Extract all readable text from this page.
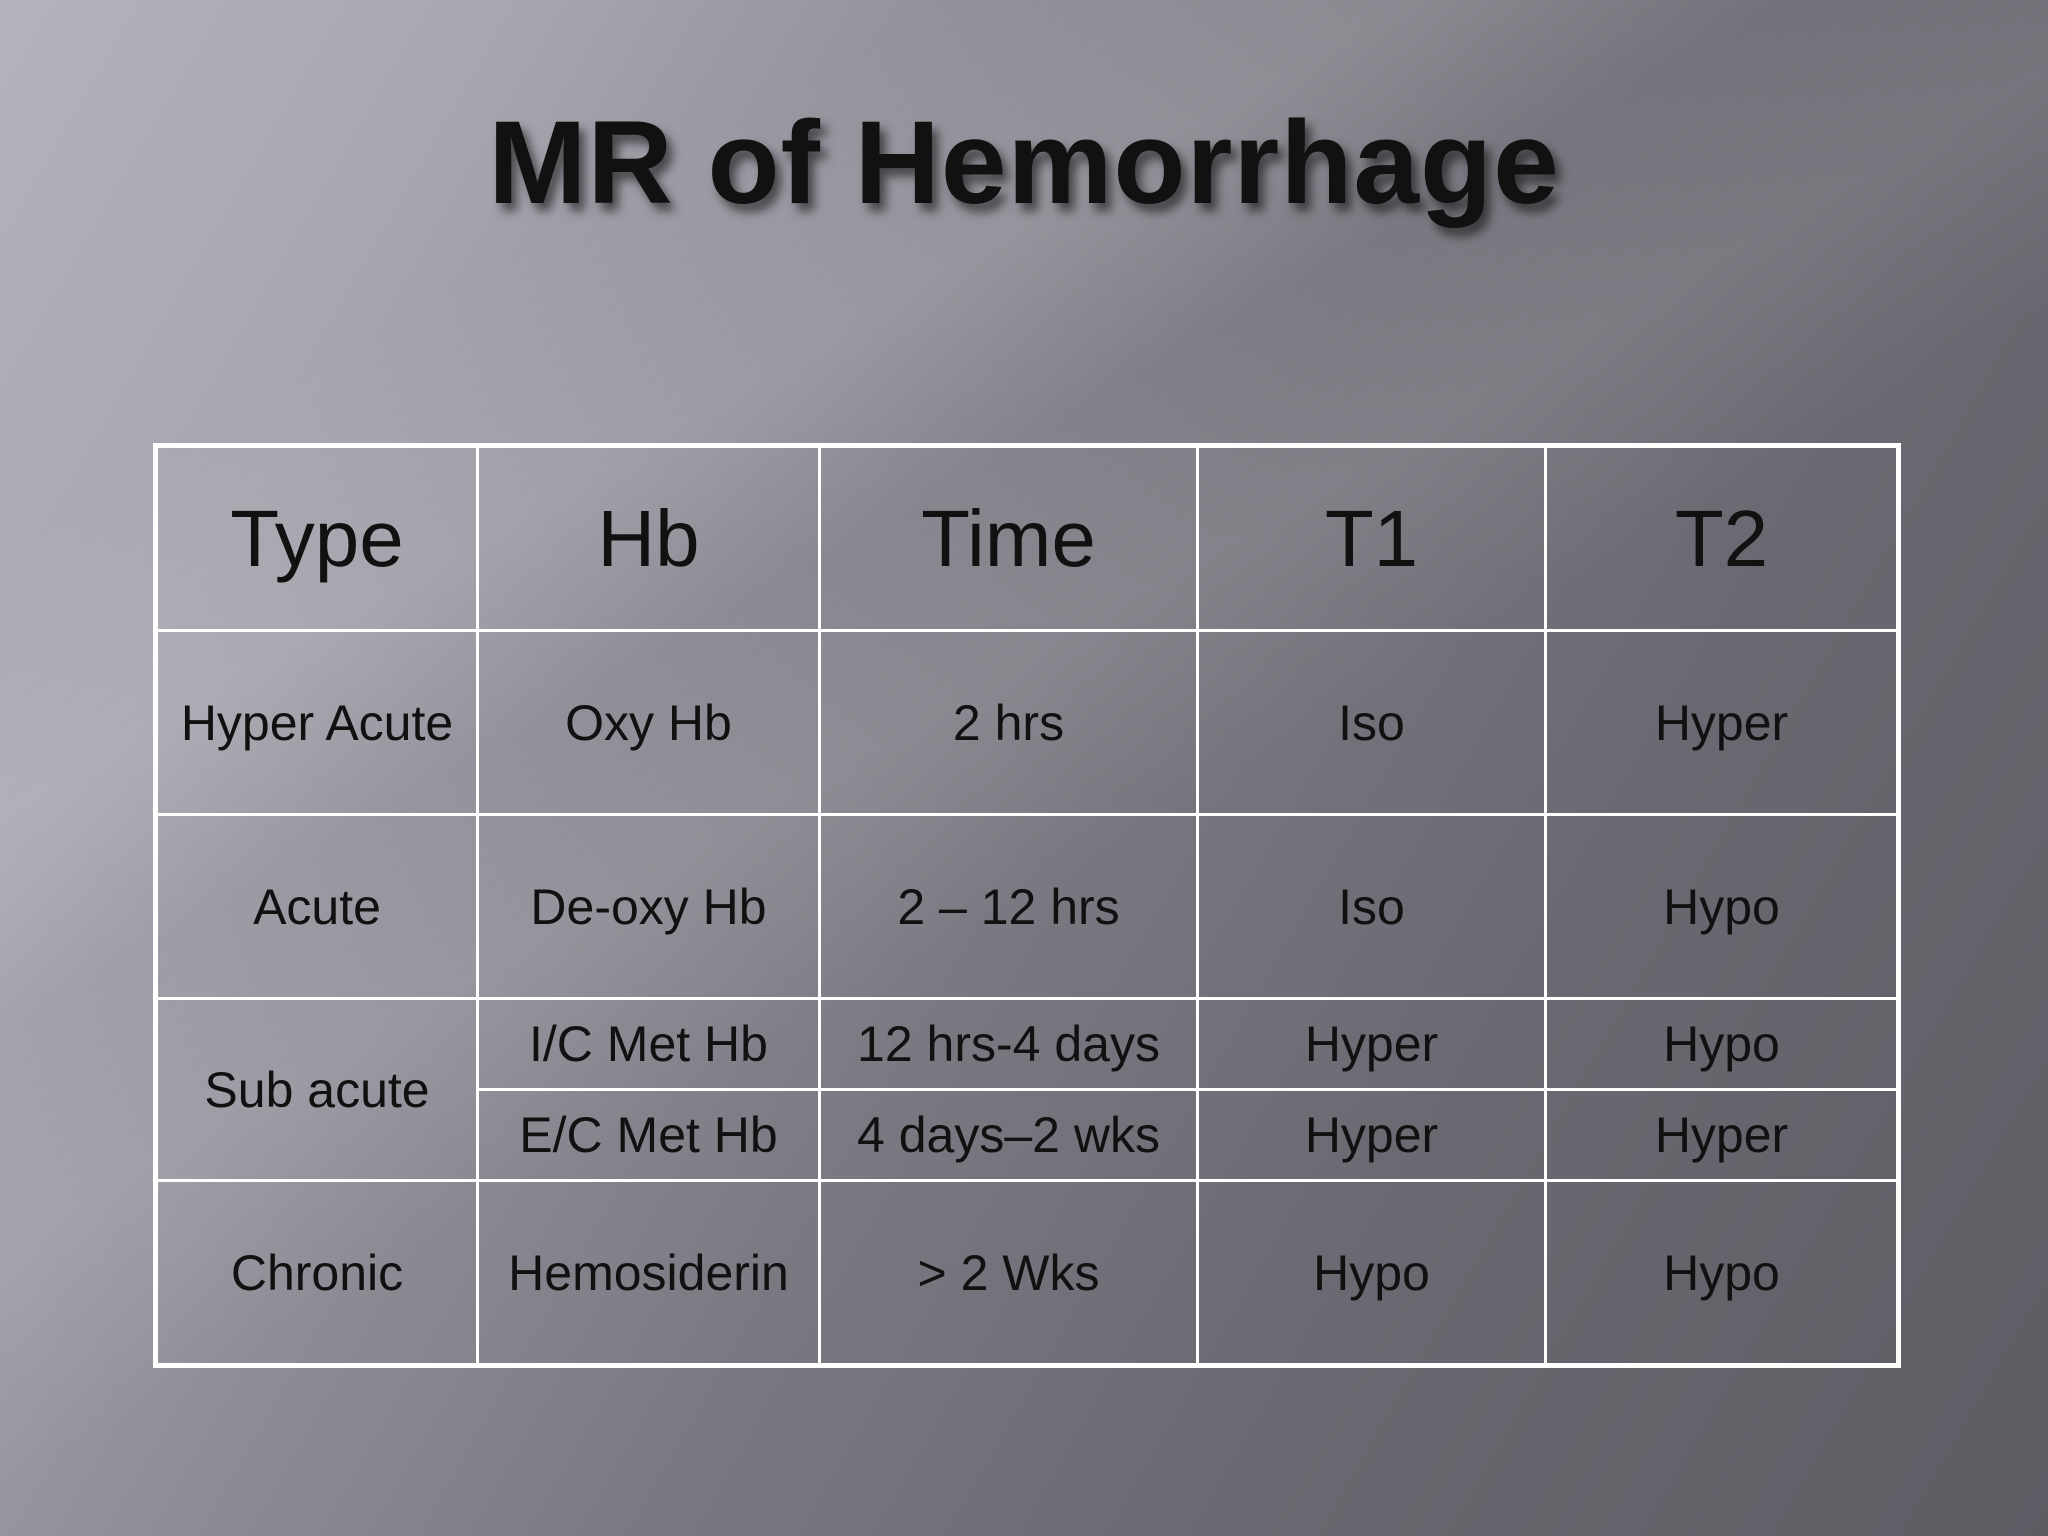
MR of Hemorrhage
Type	Hb	Time	T1	T2
Hyper Acute	Oxy Hb	2 hrs	Iso	Hyper
Acute	De-oxy Hb	2 – 12 hrs	Iso	Hypo
Sub acute	I/C Met Hb	12 hrs-4 days	Hyper	Hypo
	E/C Met Hb	4 days–2 wks	Hyper	Hyper
Chronic	Hemosiderin	> 2 Wks	Hypo	Hypo
